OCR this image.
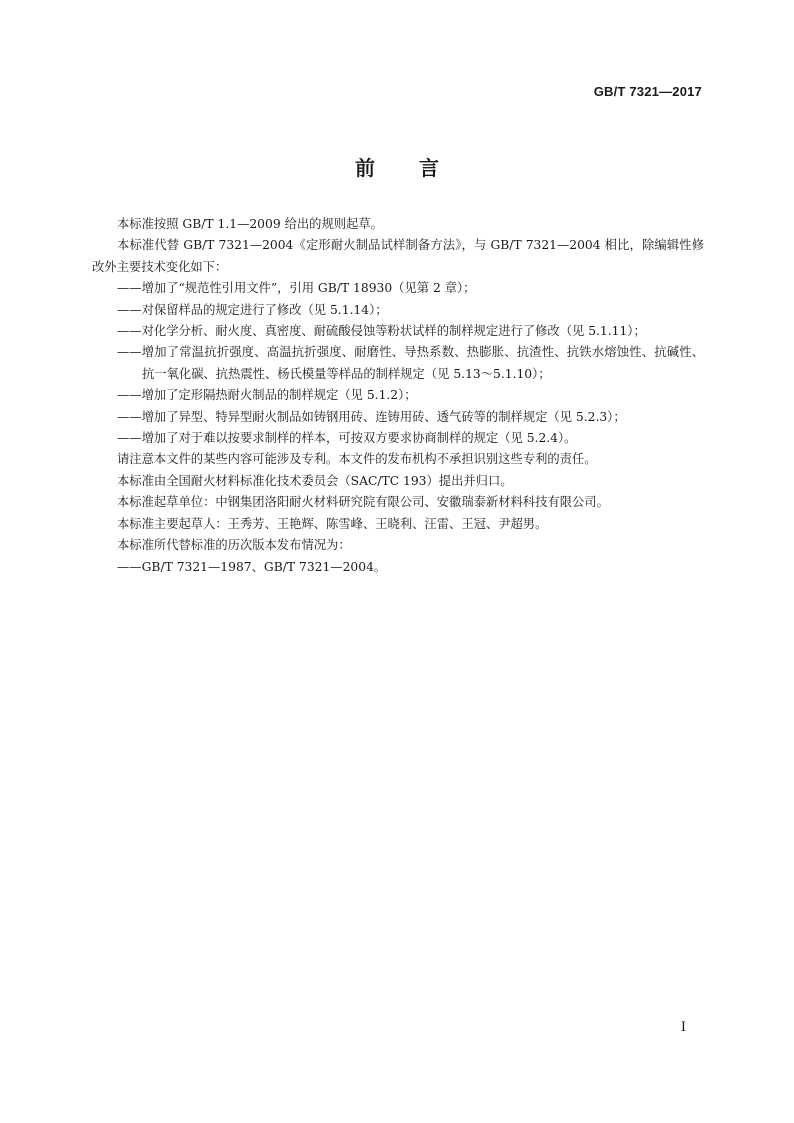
GB/T 7321—2017
前言

本标准按照 GB/T 1.1—2009 给出的规则起草。

本标准代替 GB/T 7321—2004《定形耐火制品试样制备方法》，与 GB/T 7321—2004 相比，除编辑性修改外主要技术变化如下：

——增加了“规范性引用文件”，引用 GB/T 18930（见第 2 章）；

——对保留样品的规定进行了修改（见 5.1.14）；

——对化学分析、耐火度、真密度、耐硫酸侵蚀等粉状试样的制样规定进行了修改（见 5.1.11）；

——增加了常温抗折强度、高温抗折强度、耐磨性、导热系数、热膨胀、抗渣性、抗铁水熔蚀性、抗碱性、抗一氧化碳、抗热震性、杨氏模量等样品的制样规定（见 5.13～5.1.10）；

——增加了定形隔热耐火制品的制样规定（见 5.1.2）；

——增加了异型、特异型耐火制品如铸钢用砖、连铸用砖、透气砖等的制样规定（见 5.2.3）；

——增加了对于难以按要求制样的样本，可按双方要求协商制样的规定（见 5.2.4）。

请注意本文件的某些内容可能涉及专利。本文件的发布机构不承担识别这些专利的责任。

本标准由全国耐火材料标准化技术委员会（SAC/TC 193）提出并归口。

本标准起草单位：中钢集团洛阳耐火材料研究院有限公司、安徽瑞泰新材料科技有限公司。

本标准主要起草人：王秀芳、王艳辉、陈雪峰、王晓利、汪雷、王冠、尹超男。

本标准所代替标准的历次版本发布情况为：

——GB/T 7321—1987、GB/T 7321—2004。

I
